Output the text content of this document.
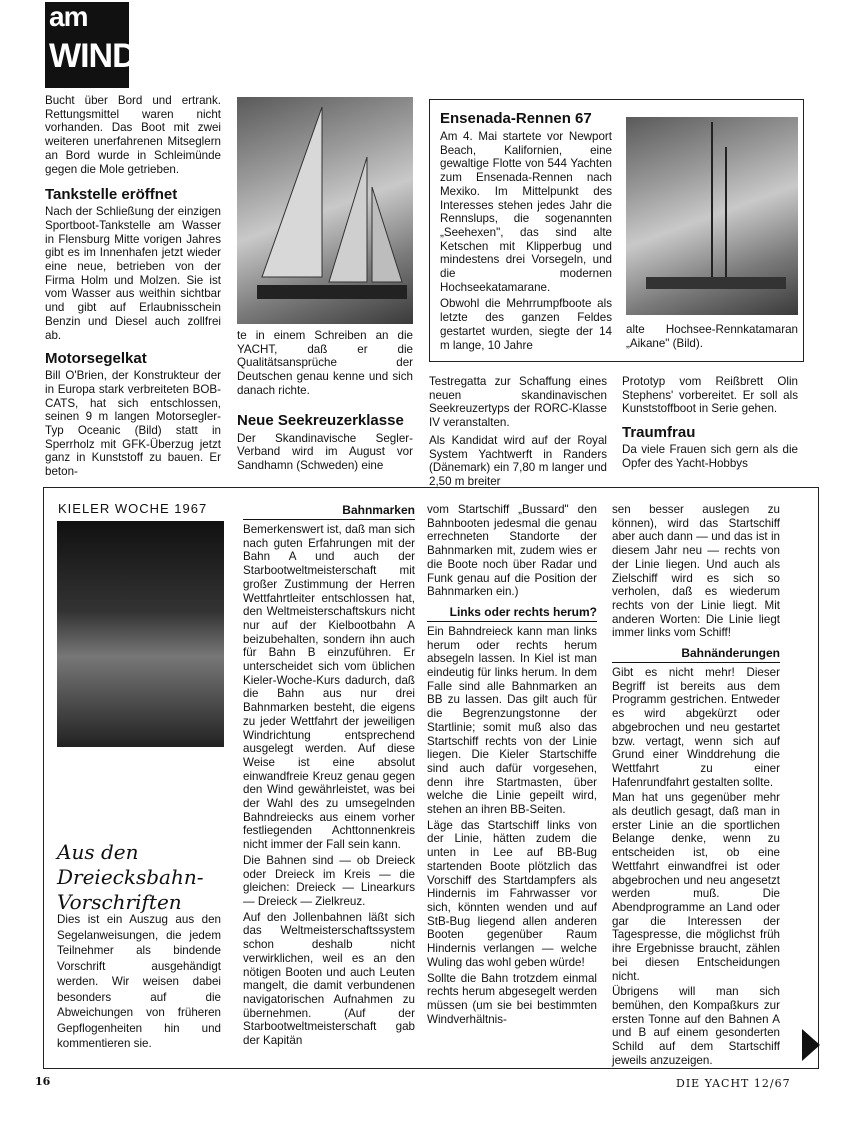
am
WIND

Bucht über Bord und ertrank. Rettungsmittel waren nicht vorhanden. Das Boot mit zwei weiteren unerfahrenen Mitseglern an Bord wurde in Schleimünde gegen die Mole getrieben.

Tankstelle eröffnet

Nach der Schließung der einzigen Sportboot-Tankstelle am Wasser in Flensburg Mitte vorigen Jahres gibt es im Innenhafen jetzt wieder eine neue, betrieben von der Firma Holm und Molzen. Sie ist vom Wasser aus weithin sichtbar und gibt auf Erlaubnisschein Benzin und Diesel auch zollfrei ab.

Motorsegelkat

Bill O'Brien, der Konstrukteur der in Europa stark verbreiteten BOB-CATS, hat sich entschlossen, seinen 9 m langen Motorsegler-Typ Oceanic (Bild) statt in Sperrholz mit GFK-Überzug jetzt ganz in Kunststoff zu bauen. Er beton-

te in einem Schreiben an die YACHT, daß er die Qualitätsansprüche der Deutschen genau kenne und sich danach richte.

Neue Seekreuzerklasse

Der Skandinavische Segler-Verband wird im August vor Sandhamn (Schweden) eine

Ensenada-Rennen 67

Am 4. Mai startete vor Newport Beach, Kalifornien, eine gewaltige Flotte von 544 Yachten zum Ensenada-Rennen nach Mexiko. Im Mittelpunkt des Interesses stehen jedes Jahr die Rennslups, die sogenannten „Seehexen", das sind alte Ketschen mit Klipperbug und mindestens drei Vorsegeln, und die modernen Hochseekatamarane.

Obwohl die Mehrrumpfboote als letzte des ganzen Feldes gestartet wurden, siegte der 14 m lange, 10 Jahre

alte Hochsee-Rennkatamaran „Aikane" (Bild).

Testregatta zur Schaffung eines neuen skandinavischen Seekreuzertyps der RORC-Klasse IV veranstalten.

Als Kandidat wird auf der Royal System Yachtwerft in Randers (Dänemark) ein 7,80 m langer und 2,50 m breiter

Prototyp vom Reißbrett Olin Stephens' vorbereitet. Er soll als Kunststoffboot in Serie gehen.

Traumfrau

Da viele Frauen sich gern als die Opfer des Yacht-Hobbys

KIELER WOCHE 1967
Aus den Dreiecksbahn-Vorschriften

Dies ist ein Auszug aus den Segelanweisungen, die jedem Teilnehmer als bindende Vorschrift ausgehändigt werden. Wir weisen dabei besonders auf die Abweichungen von früheren Gepflogenheiten hin und kommentieren sie.

Bahnmarken

Bemerkenswert ist, daß man sich nach guten Erfahrungen mit der Bahn A und auch der Starbootweltmeisterschaft mit großer Zustimmung der Herren Wettfahrtleiter entschlossen hat, den Weltmeisterschaftskurs nicht nur auf der Kielbootbahn A beizubehalten, sondern ihn auch für Bahn B einzuführen. Er unterscheidet sich vom üblichen Kieler-Woche-Kurs dadurch, daß die Bahn aus nur drei Bahnmarken besteht, die eigens zu jeder Wettfahrt der jeweiligen Windrichtung entsprechend ausgelegt werden. Auf diese Weise ist eine absolut einwandfreie Kreuz genau gegen den Wind gewährleistet, was bei der Wahl des zu umsegelnden Bahndreiecks aus einem vorher festliegenden Achttonnenkreis nicht immer der Fall sein kann.

Die Bahnen sind — ob Dreieck oder Dreieck im Kreis — die gleichen: Dreieck — Linearkurs — Dreieck — Zielkreuz.

Auf den Jollenbahnen läßt sich das Weltmeisterschaftssystem schon deshalb nicht verwirklichen, weil es an den nötigen Booten und auch Leuten mangelt, die damit verbundenen navigatorischen Aufnahmen zu übernehmen. (Auf der Starbootweltmeisterschaft gab der Kapitän

vom Startschiff „Bussard" den Bahnbooten jedesmal die genau errechneten Standorte der Bahnmarken mit, zudem wies er die Boote noch über Radar und Funk genau auf die Position der Bahnmarken ein.)

Links oder rechts herum?

Ein Bahndreieck kann man links herum oder rechts herum absegeln lassen. In Kiel ist man eindeutig für links herum. In dem Falle sind alle Bahnmarken an BB zu lassen. Das gilt auch für die Begrenzungstonne der Startlinie; somit muß also das Startschiff rechts von der Linie liegen. Die Kieler Startschiffe sind auch dafür vorgesehen, denn ihre Startmasten, über welche die Linie gepeilt wird, stehen an ihren BB-Seiten.

Läge das Startschiff links von der Linie, hätten zudem die unten in Lee auf BB-Bug startenden Boote plötzlich das Vorschiff des Startdampfers als Hindernis im Fahrwasser vor sich, könnten wenden und auf StB-Bug liegend allen anderen Booten gegenüber Raum Hindernis verlangen — welche Wuling das wohl geben würde!

Sollte die Bahn trotzdem einmal rechts herum abgesegelt werden müssen (um sie bei bestimmten Windverhältnis-

sen besser auslegen zu können), wird das Startschiff aber auch dann — und das ist in diesem Jahr neu — rechts von der Linie liegen. Und auch als Zielschiff wird es sich so verholen, daß es wiederum rechts von der Linie liegt. Mit anderen Worten: Die Linie liegt immer links vom Schiff!

Bahnänderungen

Gibt es nicht mehr! Dieser Begriff ist bereits aus dem Programm gestrichen. Entweder es wird abgekürzt oder abgebrochen und neu gestartet bzw. vertagt, wenn sich auf Grund einer Winddrehung die Wettfahrt zu einer Hafenrundfahrt gestalten sollte.

Man hat uns gegenüber mehr als deutlich gesagt, daß man in erster Linie an die sportlichen Belange denke, wenn zu entscheiden ist, ob eine Wettfahrt einwandfrei ist oder abgebrochen und neu angesetzt werden muß. Die Abendprogramme an Land oder gar die Interessen der Tagespresse, die möglichst früh ihre Ergebnisse braucht, zählen bei diesen Entscheidungen nicht.

Übrigens will man sich bemühen, den Kompaßkurs zur ersten Tonne auf den Bahnen A und B auf einem gesonderten Schild auf dem Startschiff jeweils anzuzeigen.

16	DIE YACHT 12/67
